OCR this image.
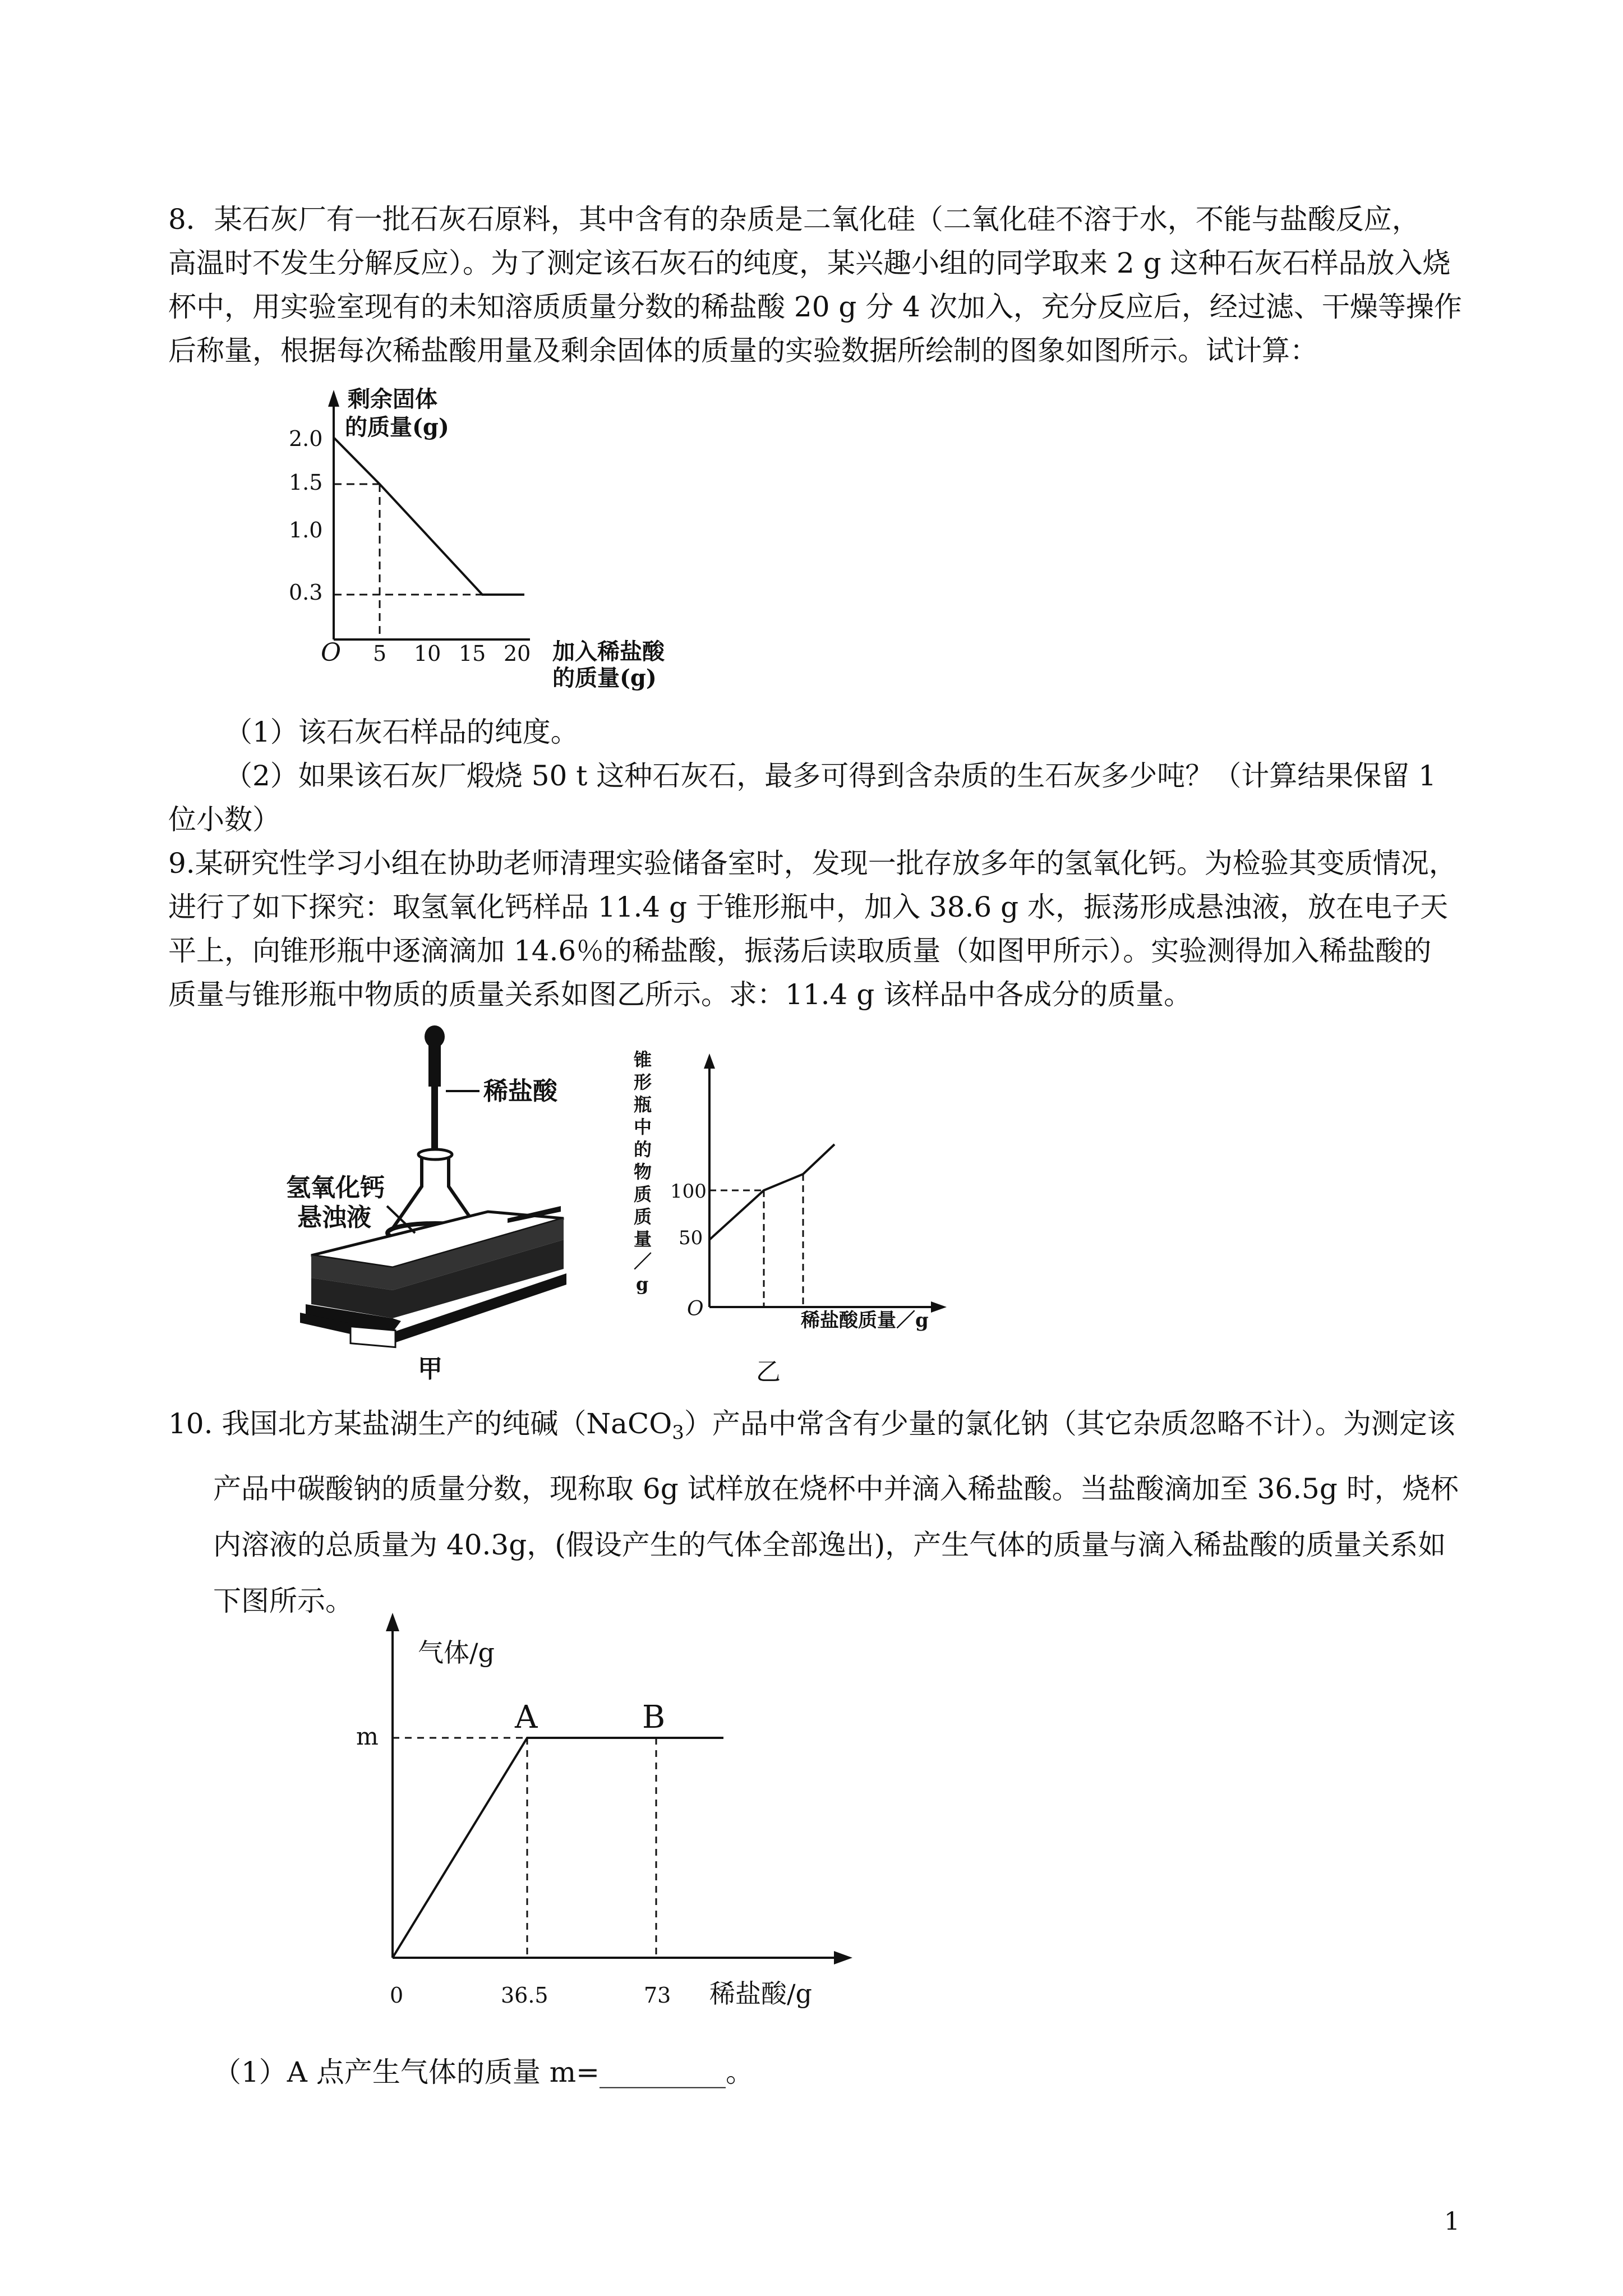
8．某石灰厂有一批石灰石原料，其中含有的杂质是二氧化硅（二氧化硅不溶于水，不能与盐酸反应，

高温时不发生分解反应）。为了测定该石灰石的纯度，某兴趣小组的同学取来 2 g 这种石灰石样品放入烧

杯中，用实验室现有的未知溶质质量分数的稀盐酸 20 g 分 4 次加入，充分反应后，经过滤、干燥等操作

后称量，根据每次稀盐酸用量及剩余固体的质量的实验数据所绘制的图象如图所示。试计算：

剩余固体
的质量(g)
加入稀盐酸
的质量(g)
2.0
1.5
1.0
0.3
O 5 10 15 20

（1）该石灰石样品的纯度。

（2）如果该石灰厂煅烧 50 t 这种石灰石，最多可得到含杂质的生石灰多少吨？（计算结果保留 1

位小数）

9.某研究性学习小组在协助老师清理实验储备室时，发现一批存放多年的氢氧化钙。为检验其变质情况，

进行了如下探究：取氢氧化钙样品 11.4 g 于锥形瓶中，加入 38.6 g 水，振荡形成悬浊液，放在电子天

平上，向锥形瓶中逐滴滴加 14.6％的稀盐酸，振荡后读取质量（如图甲所示）。实验测得加入稀盐酸的

质量与锥形瓶中物质的质量关系如图乙所示。求：11.4 g 该样品中各成分的质量。

稀盐酸
氢氧化钙
悬浊液
甲
锥
形
瓶
中
的
物
质
质
量
／
g
100
50
O	稀盐酸质量／g
乙

10. 我国北方某盐湖生产的纯碱（NaCO$_3$）产品中常含有少量的氯化钠（其它杂质忽略不计）。为测定该

产品中碳酸钠的质量分数，现称取 6g 试样放在烧杯中并滴入稀盐酸。当盐酸滴加至 36.5g 时，烧杯

内溶液的总质量为 40.3g，(假设产生的气体全部逸出)，产生气体的质量与滴入稀盐酸的质量关系如

下图所示。

气体/g
稀盐酸/g
m
0	36.5	73
A	B

（1）A 点产生气体的质量 m=_________。

1
